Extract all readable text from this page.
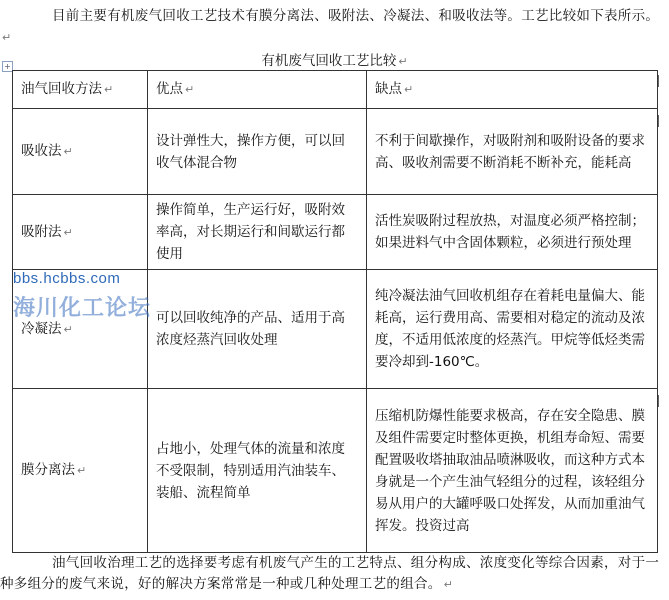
目前主要有机废气回收工艺技术有膜分离法、吸附法、冷凝法、和吸收法等。工艺比较如下表所示。↵
有机废气回收工艺比较 ↵
+
油气回收方法 ↵	优点 ↵	缺点 ↵
吸收法 ↵	设计弹性大，操作方便，可以回收气体混合物	不利于间歇操作，对吸附剂和吸附设备的要求高、吸收剂需要不断消耗不断补充，能耗高
吸附法 ↵	操作简单，生产运行好，吸附效率高，对长期运行和间歇运行都使用	活性炭吸附过程放热，对温度必须严格控制；如果进料气中含固体颗粒，必须进行预处理
冷凝法 ↵	可以回收纯净的产品、适用于高浓度烃蒸汽回收处理	纯冷凝法油气回收机组存在着耗电量偏大、能耗高，运行费用高、需要相对稳定的流动及浓度，不适用低浓度的烃蒸汽。甲烷等低烃类需要冷却到-160℃。
膜分离法 ↵	占地小，处理气体的流量和浓度不受限制，特别适用汽油装车、装船、流程简单	压缩机防爆性能要求极高，存在安全隐患、膜及组件需要定时整体更换，机组寿命短、需要配置吸收塔抽取油品喷淋吸收，而这种方式本身就是一个产生油气轻组分的过程，该轻组分易从用户的大罐呼吸口处挥发，从而加重油气挥发。投资过高
bbs.hcbbs.com
海川化工论坛
油气回收治理工艺的选择要考虑有机废气产生的工艺特点、组分构成、浓度变化等综合因素，对于一种多组分的废气来说，好的解决方案常常是一种或几种处理工艺的组合。 ↵
